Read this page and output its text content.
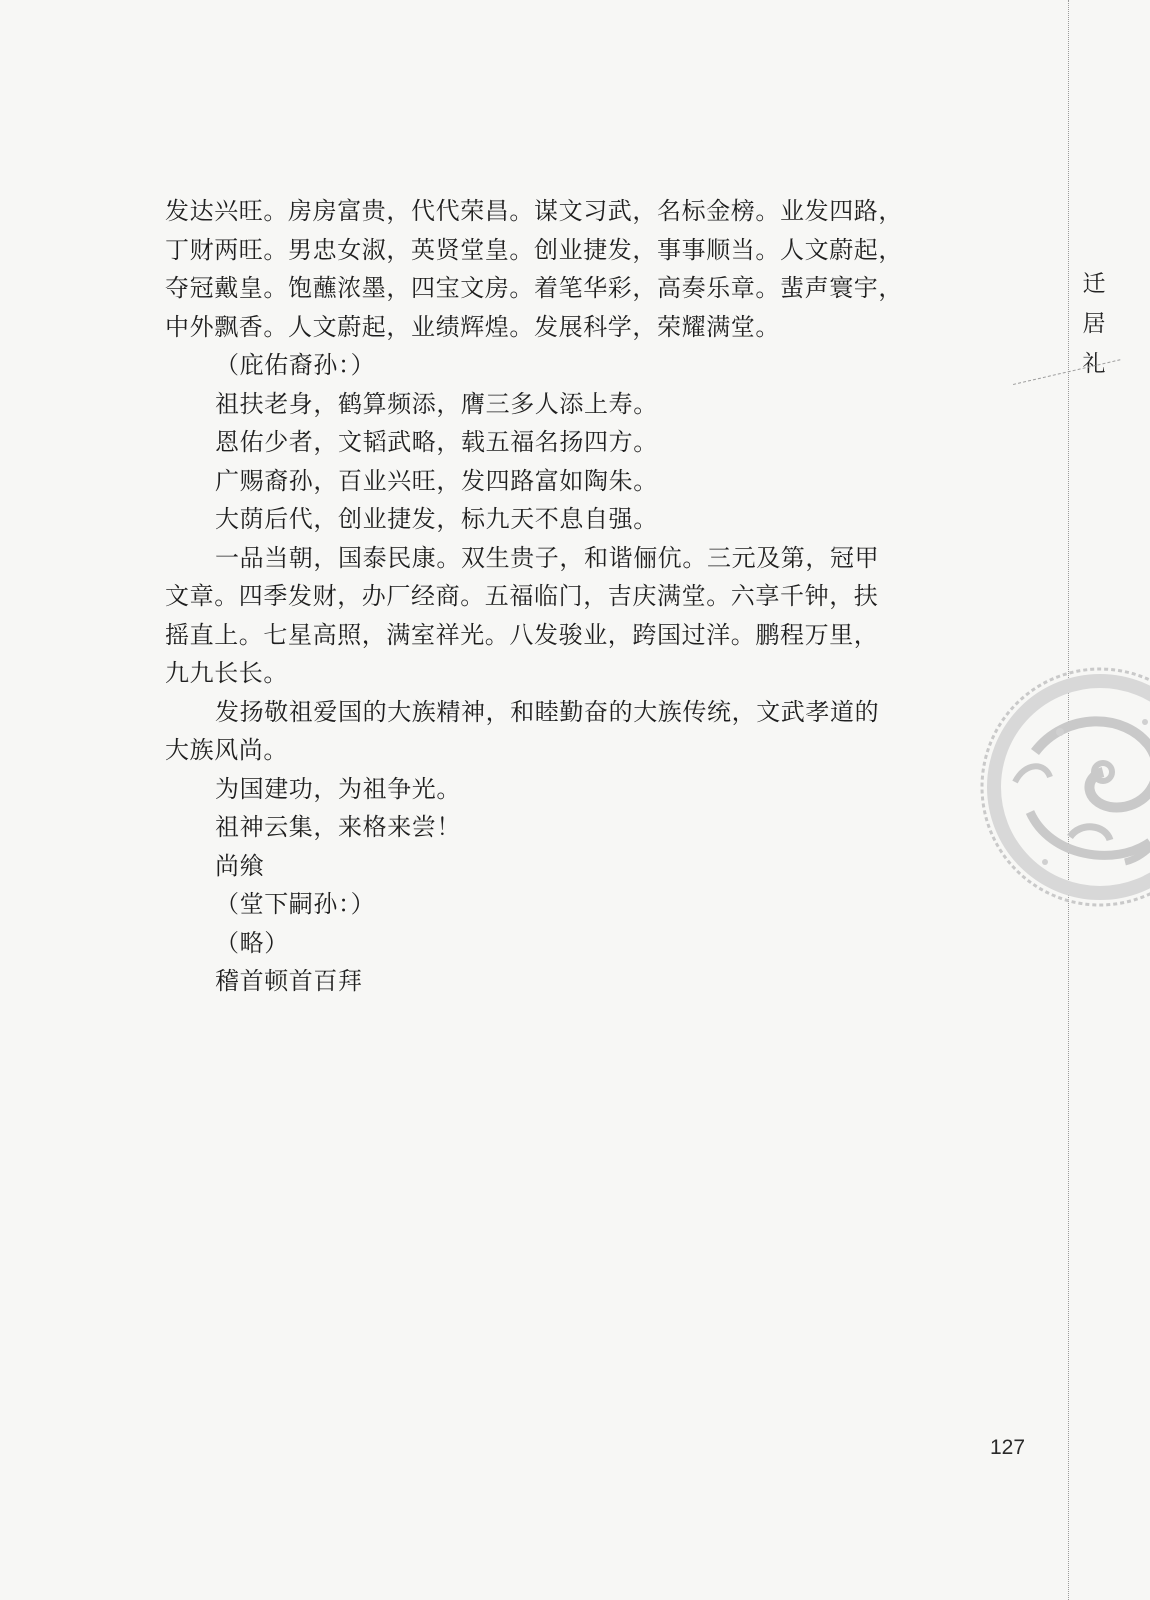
发达兴旺。房房富贵，代代荣昌。谋文习武，名标金榜。业发四路，

丁财两旺。男忠女淑，英贤堂皇。创业捷发，事事顺当。人文蔚起，

夺冠戴皇。饱蘸浓墨，四宝文房。着笔华彩，高奏乐章。蜚声寰宇，

中外飘香。人文蔚起，业绩辉煌。发展科学，荣耀满堂。

（庇佑裔孙：）

祖扶老身，鹤算频添，膺三多人添上寿。

恩佑少者，文韬武略，载五福名扬四方。

广赐裔孙，百业兴旺，发四路富如陶朱。

大荫后代，创业捷发，标九天不息自强。

一品当朝，国泰民康。双生贵子，和谐俪伉。三元及第，冠甲

文章。四季发财，办厂经商。五福临门，吉庆满堂。六享千钟，扶

摇直上。七星高照，满室祥光。八发骏业，跨国过洋。鹏程万里，

九九长长。

发扬敬祖爱国的大族精神，和睦勤奋的大族传统，文武孝道的

大族风尚。

为国建功，为祖争光。

祖神云集，来格来尝！

尚飨

（堂下嗣孙：）

（略）

稽首顿首百拜

迁
居
礼
127
